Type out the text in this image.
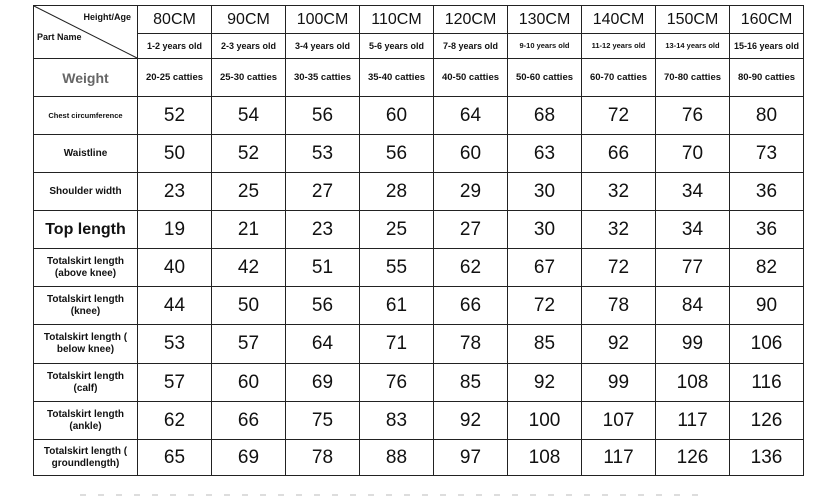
Height/Age
Part Name	80CM	90CM	100CM	110CM	120CM	130CM	140CM	150CM	160CM
	1-2 years old	2-3 years old	3-4 years old	5-6 years old	7-8 years old	9-10 years old	11-12 years old	13-14 years old	15-16 years old
Weight	20-25 catties	25-30 catties	30-35 catties	35-40 catties	40-50 catties	50-60 catties	60-70 catties	70-80 catties	80-90 catties
Chest circumference	52	54	56	60	64	68	72	76	80
Waistline	50	52	53	56	60	63	66	70	73
Shoulder width	23	25	27	28	29	30	32	34	36
Top length	19	21	23	25	27	30	32	34	36
Totalskirt length (above knee)	40	42	51	55	62	67	72	77	82
Totalskirt length (knee)	44	50	56	61	66	72	78	84	90
Totalskirt length ( below knee)	53	57	64	71	78	85	92	99	106
Totalskirt length (calf)	57	60	69	76	85	92	99	108	116
Totalskirt length (ankle)	62	66	75	83	92	100	107	117	126
Totalskirt length ( groundlength)	65	69	78	88	97	108	117	126	136
